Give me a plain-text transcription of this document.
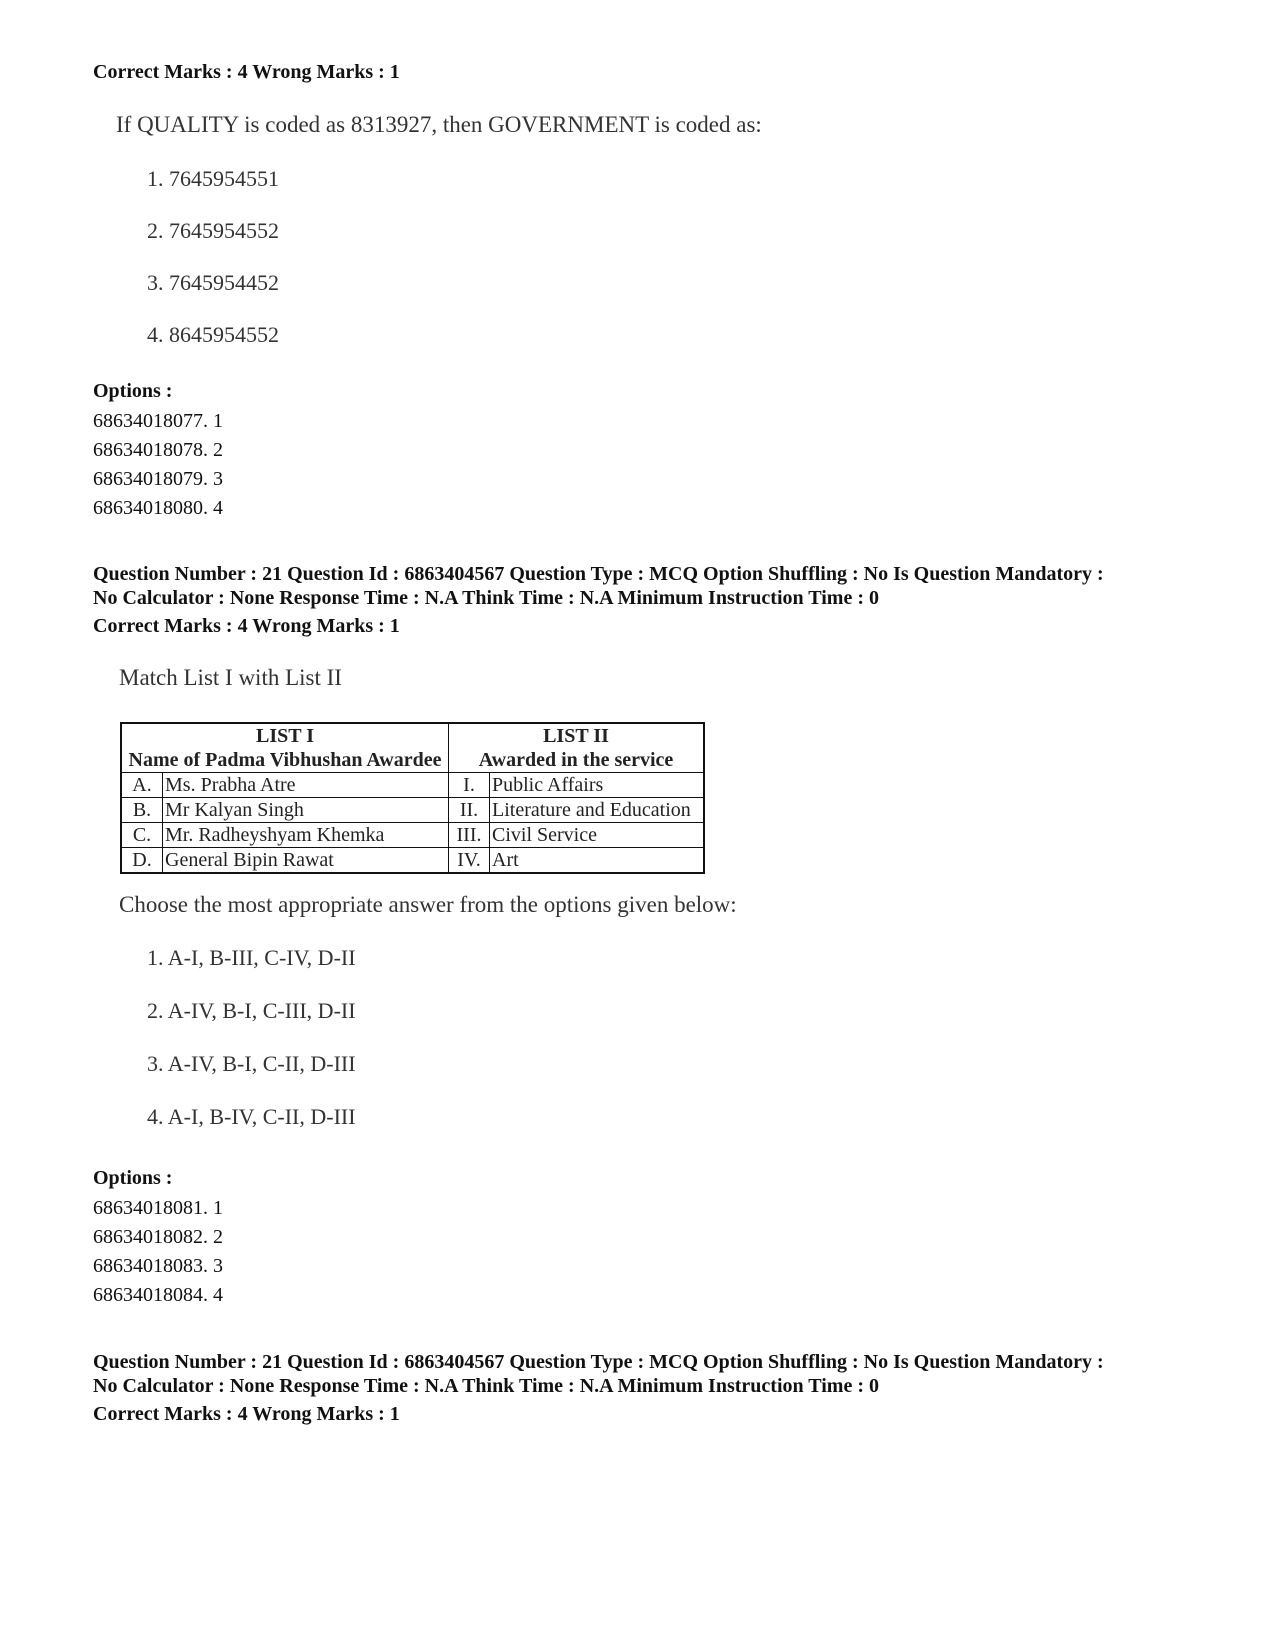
Correct Marks : 4 Wrong Marks : 1
If QUALITY is coded as 8313927, then GOVERNMENT is coded as:
1. 7645954551
2. 7645954552
3. 7645954452
4. 8645954552
Options :
68634018077. 1
68634018078. 2
68634018079. 3
68634018080. 4
Question Number : 21 Question Id : 6863404567 Question Type : MCQ Option Shuffling : No Is Question Mandatory :
No Calculator : None Response Time : N.A Think Time : N.A Minimum Instruction Time : 0
Correct Marks : 4 Wrong Marks : 1
Match List I with List II
LIST I		LIST II	
Name of Padma Vibhushan Awardee		Awarded in the service	
A.	Ms. Prabha Atre	I.	Public Affairs
B.	Mr Kalyan Singh	II.	Literature and Education
C.	Mr. Radheyshyam Khemka	III.	Civil Service
D.	General Bipin Rawat	IV.	Art
Choose the most appropriate answer from the options given below:
1. A-I, B-III, C-IV, D-II
2. A-IV, B-I, C-III, D-II
3. A-IV, B-I, C-II, D-III
4. A-I, B-IV, C-II, D-III
Options :
68634018081. 1
68634018082. 2
68634018083. 3
68634018084. 4
Question Number : 21 Question Id : 6863404567 Question Type : MCQ Option Shuffling : No Is Question Mandatory :
No Calculator : None Response Time : N.A Think Time : N.A Minimum Instruction Time : 0
Correct Marks : 4 Wrong Marks : 1
